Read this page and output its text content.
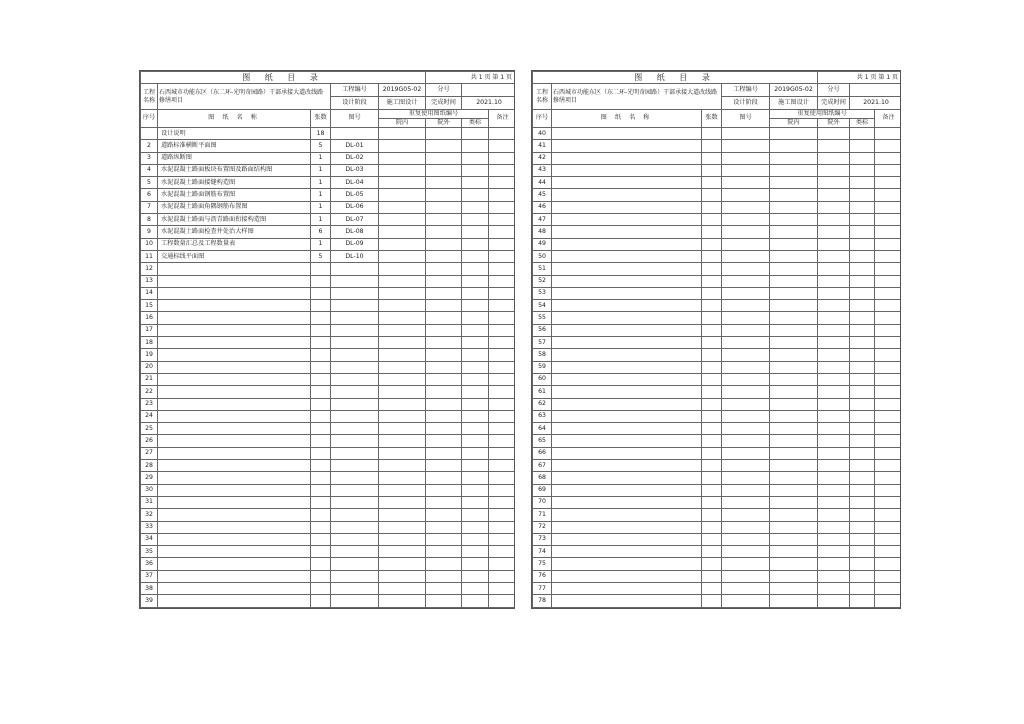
图 纸 目 录					共 1 页 第 1 页		
工程名称	石西城市功能东区（东二环-光明奇园路）干部承接大道改线路修缮项目		工程编号	2019G05-02	分号		
			设计阶段	施工图设计	完成时间	2021.10	
序号	图 纸 名 称	张数	图号	重复使用图纸编号			备注
				院内	院外	类标	
	设计说明	18					
2	道路标准横断平面图	5	DL-01				
3	道路纵断图	1	DL-02				
4	水泥混凝土路面板块布置图及路面结构图	1	DL-03				
5	水泥混凝土路面接缝构造图	1	DL-04				
6	水泥混凝土路面钢筋布置图	1	DL-05				
7	水泥混凝土路面角隅钢筋布置图	1	DL-06				
8	水泥混凝土路面与沥青路面衔接构造图	1	DL-07				
9	水泥混凝土路面检查井处治大样图	6	DL-08				
10	工程数量汇总及工程数量表	1	DL-09				
11	交通标线平面图	5	DL-10				
12							
13							
14							
15							
16							
17							
18							
19							
20							
21							
22							
23							
24							
25							
26							
27							
28							
29							
30							
31							
32							
33							
34							
35							
36							
37							
38							
39							
图 纸 目 录					共 1 页 第 1 页		
工程名称	石西城市功能东区（东二环-光明奇园路）干部承接大道改线路修缮项目		工程编号	2019G05-02	分号		
			设计阶段	施工图设计	完成时间	2021.10	
序号	图 纸 名 称	张数	图号	重复使用图纸编号			备注
				院内	院外	类标	
40							
41							
42							
43							
44							
45							
46							
47							
48							
49							
50							
51							
52							
53							
54							
55							
56							
57							
58							
59							
60							
61							
62							
63							
64							
65							
66							
67							
68							
69							
70							
71							
72							
73							
74							
75							
76							
77							
78							
